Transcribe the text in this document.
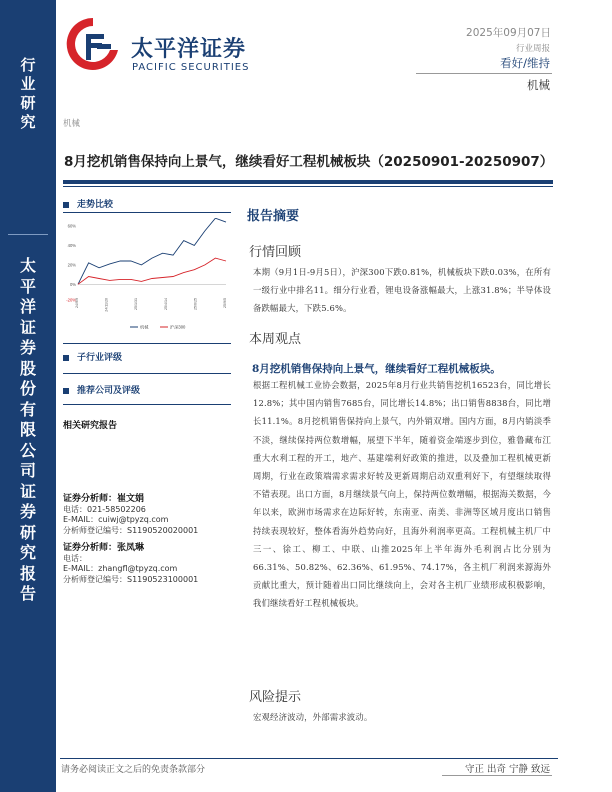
行
业
研
究
太
平
洋
证
券
股
份
有
限
公
司
证
券
研
究
报
告
太平洋证券
PACIFIC SECURITIES
2025年09月07日
行业周报
看好/维持
机械
机械
8月挖机销售保持向上景气，继续看好工程机械板块（20250901-20250907）
走势比较
60%
40%
20%
0%
-20% 24/9/9	24/11/20	25/1/31	25/4/14	25/6/25	25/9/5
机械	沪深300
子行业评级
推荐公司及评级
相关研究报告
证券分析师：崔文娟
电话：021-58502206
E-MAIL：cuiwj@tpyzq.com
分析师登记编号：S1190520020001
证券分析师：张凤琳
电话：
E-MAIL：zhangfl@tpyzq.com
分析师登记编号：S1190523100001
报告摘要
行情回顾
本期（9月1日-9月5日），沪深300下跌0.81%，机械板块下跌0.03%，在所有一级行业中排名11。细分行业看，锂电设备涨幅最大，上涨31.8%；半导体设备跌幅最大，下跌5.6%。
本周观点
8月挖机销售保持向上景气，继续看好工程机械板块。
根据工程机械工业协会数据，2025年8月行业共销售挖机16523台，同比增长12.8%；其中国内销售7685台，同比增长14.8%；出口销售8838台，同比增长11.1%。8月挖机销售保持向上景气，内外销双增。国内方面，8月内销淡季不淡，继续保持两位数增幅，展望下半年，随着资金端逐步到位，雅鲁藏布江重大水利工程的开工，地产、基建端利好政策的推进，以及叠加工程机械更新周期，行业在政策端需求需求好转及更新周期启动双重利好下，有望继续取得不错表现。出口方面，8月继续景气向上，保持两位数增幅，根据海关数据，今年以来，欧洲市场需求在边际好转，东南亚、南美、非洲等区域月度出口销售持续表现较好，整体看海外趋势向好，且海外利润率更高。工程机械主机厂中三一、徐工、柳工、中联、山推2025年上半年海外毛利润占比分别为66.31%、50.82%、62.36%、61.95%、74.17%，各主机厂利润来源海外贡献比重大，预计随着出口同比继续向上，会对各主机厂业绩形成积极影响，我们继续看好工程机械板块。
风险提示
宏观经济波动，外部需求波动。
请务必阅读正文之后的免责条款部分	守正 出奇 宁静 致远
